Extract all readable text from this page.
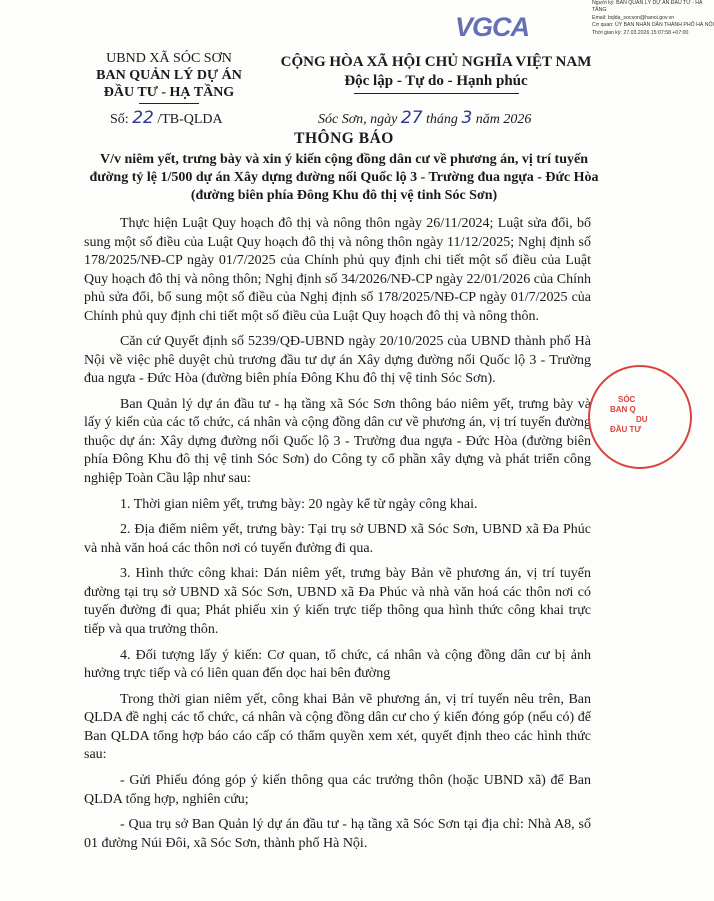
VGCA
Người ký: BAN QUẢN LÝ DỰ ÁN ĐẦU TƯ - HẠ
TẦNG
Email: bqlda_socson@hanoi.gov.vn
Cơ quan: ỦY BAN NHÂN DÂN THÀNH PHỐ HÀ NỘI
Thời gian ký: 27.03.2026 15:07:58 +07:00
UBND XÃ SÓC SƠN
BAN QUẢN LÝ DỰ ÁN
ĐẦU TƯ - HẠ TẦNG
CỘNG HÒA XÃ HỘI CHỦ NGHĨA VIỆT NAM
Độc lập - Tự do - Hạnh phúc
Số: 22 /TB-QLDA	Sóc Sơn, ngày 27 tháng 3 năm 2026
THÔNG BÁO
V/v niêm yết, trưng bày và xin ý kiến cộng đồng dân cư về phương án, vị trí tuyến đường tỷ lệ 1/500 dự án Xây dựng đường nối Quốc lộ 3 - Trường đua ngựa - Đức Hòa (đường biên phía Đông Khu đô thị vệ tinh Sóc Sơn)

Thực hiện Luật Quy hoạch đô thị và nông thôn ngày 26/11/2024; Luật sửa đổi, bổ sung một số điều của Luật Quy hoạch đô thị và nông thôn ngày 11/12/2025; Nghị định số 178/2025/NĐ-CP ngày 01/7/2025 của Chính phủ quy định chi tiết một số điều của Luật Quy hoạch đô thị và nông thôn; Nghị định số 34/2026/NĐ-CP ngày 22/01/2026 của Chính phủ sửa đổi, bổ sung một số điều của Nghị định số 178/2025/NĐ-CP ngày 01/7/2025 của Chính phủ quy định chi tiết một số điều của Luật Quy hoạch đô thị và nông thôn.

Căn cứ Quyết định số 5239/QĐ-UBND ngày 20/10/2025 của UBND thành phố Hà Nội về việc phê duyệt chủ trương đầu tư dự án Xây dựng đường nối Quốc lộ 3 - Trường đua ngựa - Đức Hòa (đường biên phía Đông Khu đô thị vệ tinh Sóc Sơn).

Ban Quản lý dự án đầu tư - hạ tầng xã Sóc Sơn thông báo niêm yết, trưng bày và lấy ý kiến của các tổ chức, cá nhân và cộng đồng dân cư về phương án, vị trí tuyến đường thuộc dự án: Xây dựng đường nối Quốc lộ 3 - Trường đua ngựa - Đức Hòa (đường biên phía Đông Khu đô thị vệ tinh Sóc Sơn) do Công ty cổ phần xây dựng và phát triển công nghiệp Toàn Cầu lập như sau:

1. Thời gian niêm yết, trưng bày: 20 ngày kể từ ngày công khai.

2. Địa điểm niêm yết, trưng bày: Tại trụ sở UBND xã Sóc Sơn, UBND xã Đa Phúc và nhà văn hoá các thôn nơi có tuyến đường đi qua.

3. Hình thức công khai: Dán niêm yết, trưng bày Bản vẽ phương án, vị trí tuyến đường tại trụ sở UBND xã Sóc Sơn, UBND xã Đa Phúc và nhà văn hoá các thôn nơi có tuyến đường đi qua; Phát phiếu xin ý kiến trực tiếp thông qua hình thức công khai trực tiếp và qua trưởng thôn.

4. Đối tượng lấy ý kiến: Cơ quan, tổ chức, cá nhân và cộng đồng dân cư bị ảnh hưởng trực tiếp và có liên quan đến dọc hai bên đường

Trong thời gian niêm yết, công khai Bản vẽ phương án, vị trí tuyến nêu trên, Ban QLDA đề nghị các tổ chức, cá nhân và cộng đồng dân cư cho ý kiến đóng góp (nếu có) để Ban QLDA tổng hợp báo cáo cấp có thẩm quyền xem xét, quyết định theo các hình thức sau:

- Gửi Phiếu đóng góp ý kiến thông qua các trưởng thôn (hoặc UBND xã) để Ban QLDA tổng hợp, nghiên cứu;

- Qua trụ sở Ban Quản lý dự án đầu tư - hạ tầng xã Sóc Sơn tại địa chỉ: Nhà A8, số 01 đường Núi Đôi, xã Sóc Sơn, thành phố Hà Nội.

SÓC
BAN Q
DU
ĐẦU TƯ
